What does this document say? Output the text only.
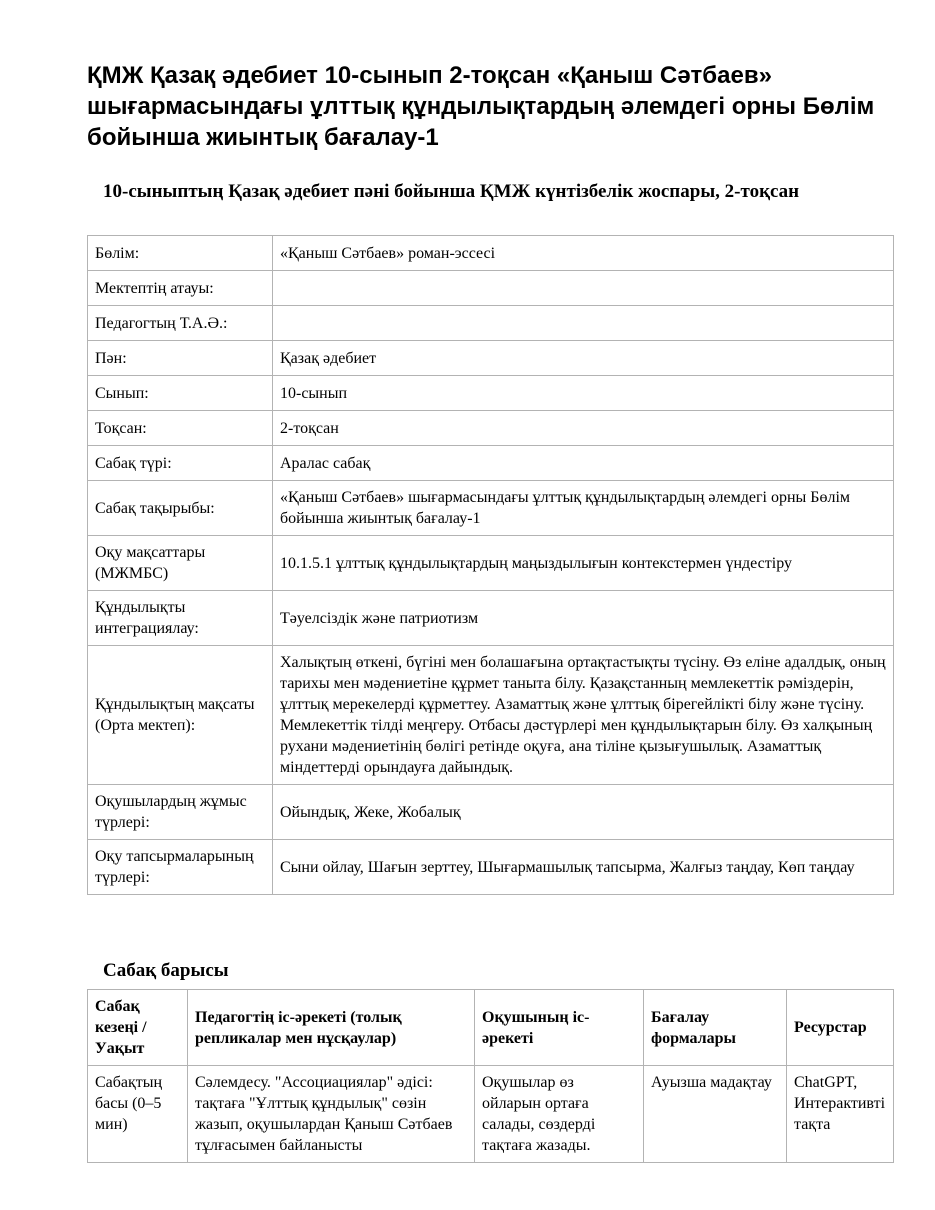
ҚМЖ Қазақ әдебиет 10-сынып 2-тоқсан «Қаныш Сәтбаев» шығармасындағы ұлттық құндылықтардың әлемдегі орны Бөлім бойынша жиынтық бағалау-1
10-сыныптың Қазақ әдебиет пәні бойынша ҚМЖ күнтізбелік жоспары, 2-тоқсан
Бөлім:	«Қаныш Сәтбаев» роман-эссесі
Мектептің атауы:	
Педагогтың Т.А.Ә.:	
Пән:	Қазақ әдебиет
Сынып:	10-сынып
Тоқсан:	2-тоқсан
Сабақ түрі:	Аралас сабақ
Сабақ тақырыбы:	«Қаныш Сәтбаев» шығармасындағы ұлттық құндылықтардың әлемдегі орны Бөлім бойынша жиынтық бағалау-1
Оқу мақсаттары (МЖМБС)	10.1.5.1 ұлттық құндылықтардың маңыздылығын контекстермен үндестіру
Құндылықты интеграциялау:	Тәуелсіздік және патриотизм
Құндылықтың мақсаты (Орта мектеп):	Халықтың өткені, бүгіні мен болашағына ортақтастықты түсіну. Өз еліне адалдық, оның тарихы мен мәдениетіне құрмет таныта білу. Қазақстанның мемлекеттік рәміздерін, ұлттық мерекелерді құрметтеу. Азаматтық және ұлттық бірегейлікті білу және түсіну. Мемлекеттік тілді меңгеру. Отбасы дәстүрлері мен құндылықтарын білу. Өз халқының рухани мәдениетінің бөлігі ретінде оқуға, ана тіліне қызығушылық. Азаматтық міндеттерді орындауға дайындық.
Оқушылардың жұмыс түрлері:	Ойындық, Жеке, Жобалық
Оқу тапсырмаларының түрлері:	Сыни ойлау, Шағын зерттеу, Шығармашылық тапсырма, Жалғыз таңдау, Көп таңдау
Сабақ барысы
Сабақ кезеңі / Уақыт	Педагогтің іс-әрекеті (толық репликалар мен нұсқаулар)	Оқушының іс-әрекеті	Бағалау формалары	Ресурстар
Сабақтың басы (0–5 мин)	Сәлемдесу. "Ассоциациялар" әдісі: тақтаға "Ұлттық құндылық" сөзін жазып, оқушылардан Қаныш Сәтбаев тұлғасымен байланысты	Оқушылар өз ойларын ортаға салады, сөздерді тақтаға жазады.	Ауызша мадақтау	ChatGPT, Интерактивті тақта
